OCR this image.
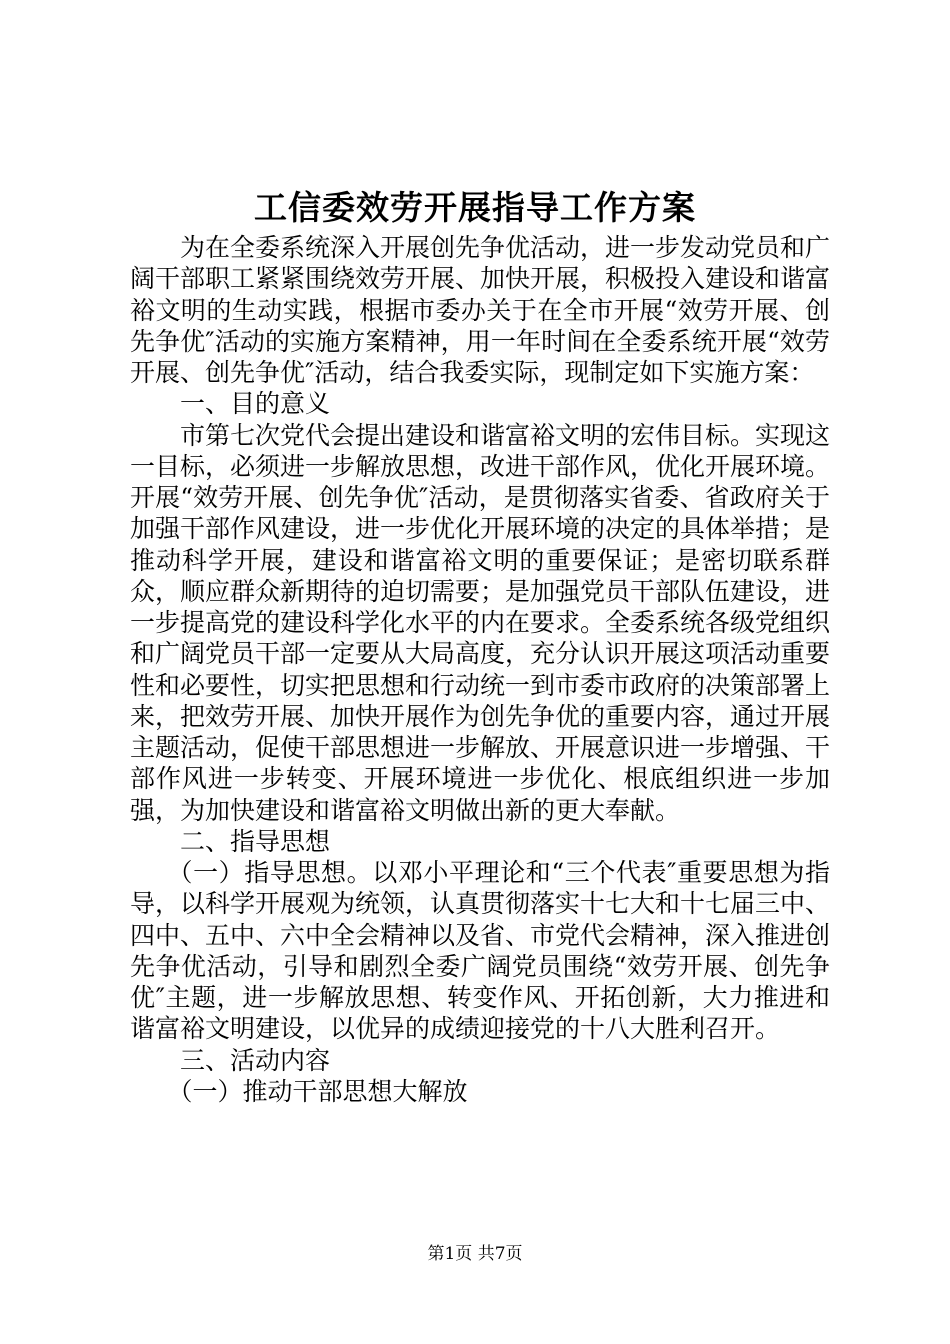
工信委效劳开展指导工作方案

为在全委系统深入开展创先争优活动，进一步发动党员和广阔干部职工紧紧围绕效劳开展、加快开展，积极投入建设和谐富裕文明的生动实践，根据市委办关于在全市开展“效劳开展、创先争优″活动的实施方案精神，用一年时间在全委系统开展“效劳开展、创先争优″活动，结合我委实际，现制定如下实施方案：

一、目的意义

市第七次党代会提出建设和谐富裕文明的宏伟目标。实现这一目标，必须进一步解放思想，改进干部作风，优化开展环境。开展“效劳开展、创先争优″活动，是贯彻落实省委、省政府关于加强干部作风建设，进一步优化开展环境的决定的具体举措；是推动科学开展，建设和谐富裕文明的重要保证；是密切联系群众，顺应群众新期待的迫切需要；是加强党员干部队伍建设，进一步提高党的建设科学化水平的内在要求。全委系统各级党组织和广阔党员干部一定要从大局高度，充分认识开展这项活动重要性和必要性，切实把思想和行动统一到市委市政府的决策部署上来，把效劳开展、加快开展作为创先争优的重要内容，通过开展主题活动，促使干部思想进一步解放、开展意识进一步增强、干部作风进一步转变、开展环境进一步优化、根底组织进一步加强，为加快建设和谐富裕文明做出新的更大奉献。

二、指导思想

（一）指导思想。以邓小平理论和“三个代表″重要思想为指导，以科学开展观为统领，认真贯彻落实十七大和十七届三中、四中、五中、六中全会精神以及省、市党代会精神，深入推进创先争优活动，引导和剧烈全委广阔党员围绕“效劳开展、创先争优″主题，进一步解放思想、转变作风、开拓创新，大力推进和谐富裕文明建设，以优异的成绩迎接党的十八大胜利召开。

三、活动内容

（一）推动干部思想大解放

第1页 共7页
